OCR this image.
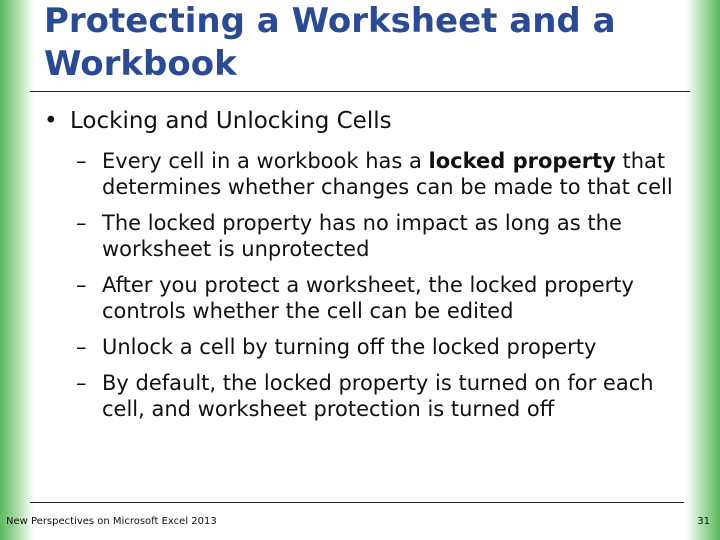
Protecting a Worksheet and a Workbook
• Locking and Unlocking Cells
– Every cell in a workbook has a locked property that determines whether changes can be made to that cell
– The locked property has no impact as long as the worksheet is unprotected
– After you protect a worksheet, the locked property controls whether the cell can be edited
– Unlock a cell by turning off the locked property
– By default, the locked property is turned on for each cell, and worksheet protection is turned off
New Perspectives on Microsoft Excel 2013	31
